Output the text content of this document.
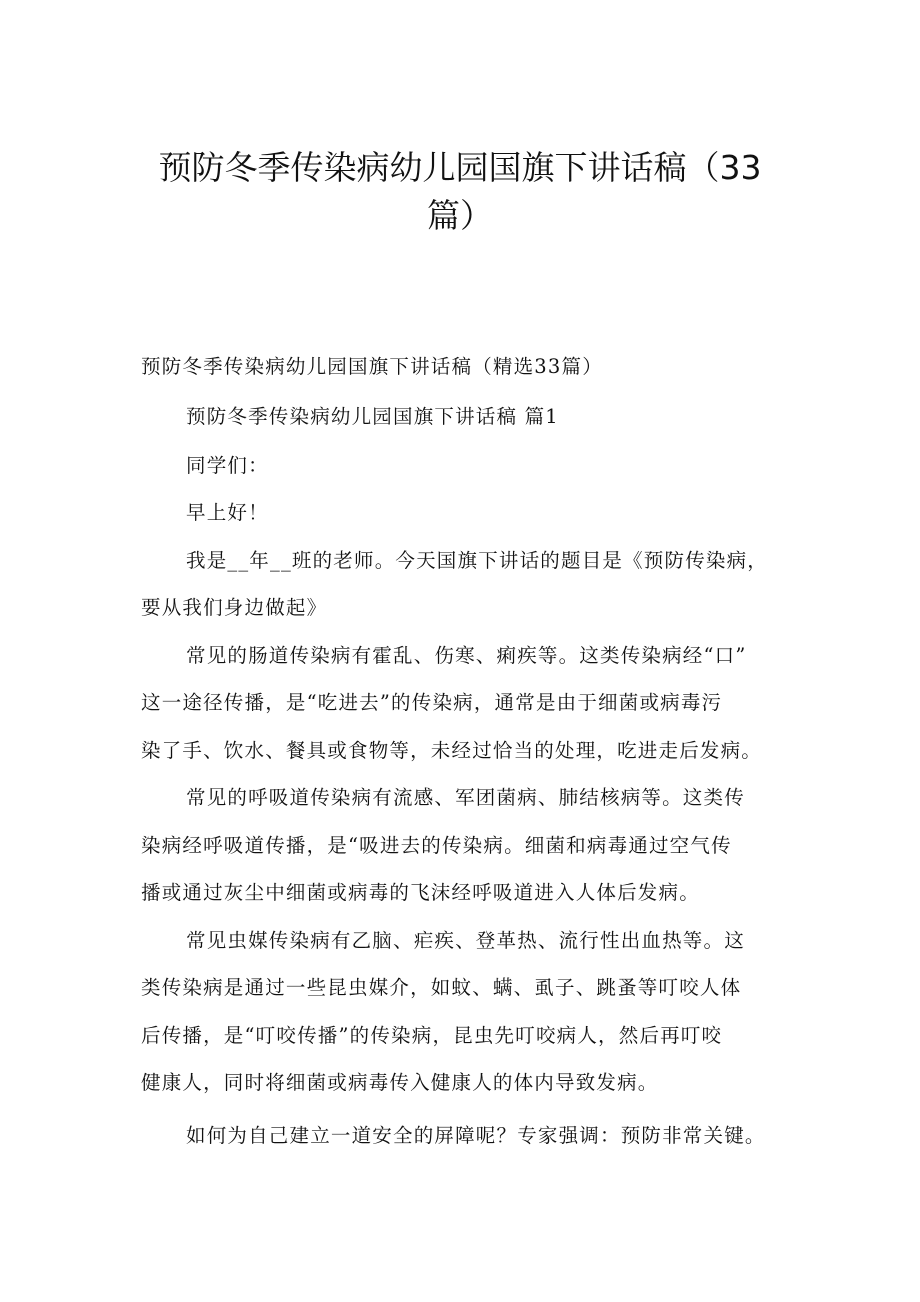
预防冬季传染病幼儿园国旗下讲话稿（33
篇）

预防冬季传染病幼儿园国旗下讲话稿（精选33篇）

预防冬季传染病幼儿园国旗下讲话稿 篇1

同学们：

早上好！

我是__年__班的老师。今天国旗下讲话的题目是《预防传染病，

要从我们身边做起》

常见的肠道传染病有霍乱、伤寒、痢疾等。这类传染病经“口”

这一途径传播，是“吃进去”的传染病，通常是由于细菌或病毒污

染了手、饮水、餐具或食物等，未经过恰当的处理，吃进走后发病。

常见的呼吸道传染病有流感、军团菌病、肺结核病等。这类传

染病经呼吸道传播，是“吸进去的传染病。细菌和病毒通过空气传

播或通过灰尘中细菌或病毒的飞沫经呼吸道进入人体后发病。

常见虫媒传染病有乙脑、疟疾、登革热、流行性出血热等。这

类传染病是通过一些昆虫媒介，如蚊、螨、虱子、跳蚤等叮咬人体

后传播，是“叮咬传播”的传染病，昆虫先叮咬病人，然后再叮咬

健康人，同时将细菌或病毒传入健康人的体内导致发病。

如何为自己建立一道安全的屏障呢？专家强调：预防非常关键。
